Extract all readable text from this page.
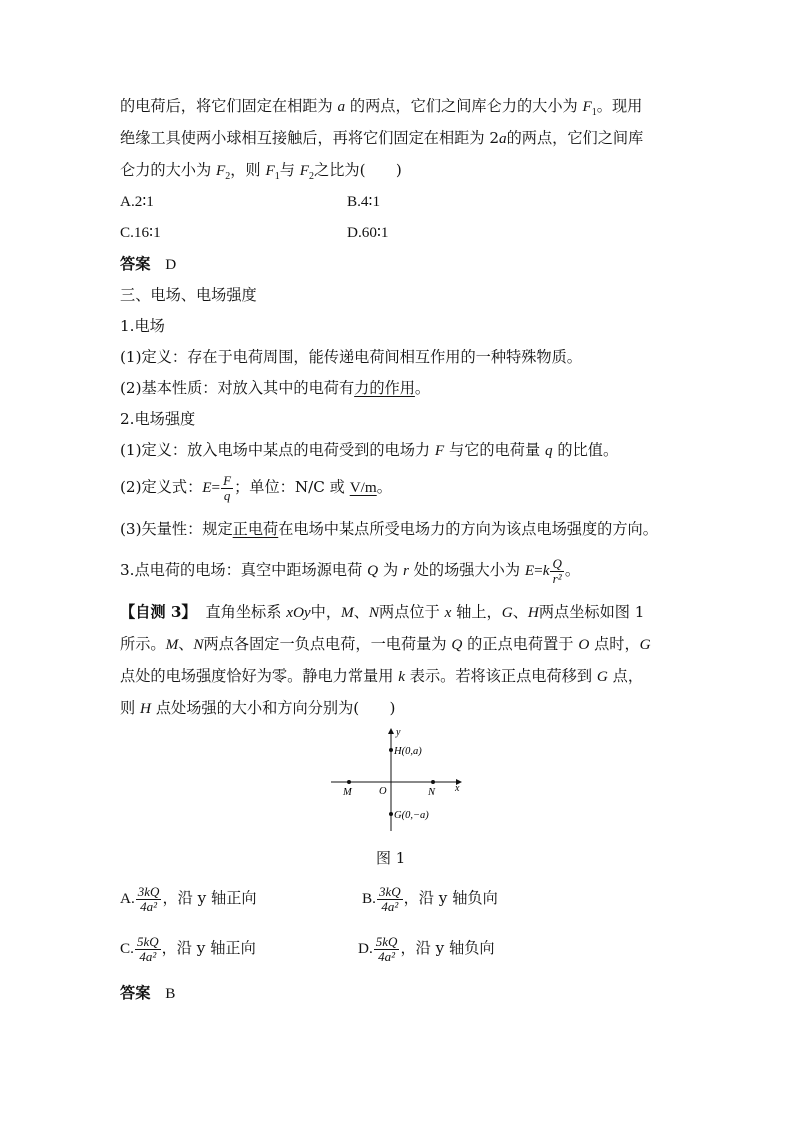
的电荷后，将它们固定在相距为 a 的两点，它们之间库仑力的大小为 $F_1$。现用
绝缘工具使两小球相互接触后，再将它们固定在相距为 2a的两点，它们之间库
仑力的大小为 $F_2$，则 $F_1$与 $F_2$之比为(　　)
A.2∶1	B.4∶1
C.16∶1	D.60∶1
答案 D
三、电场、电场强度
1.电场
(1)定义：存在于电荷周围，能传递电荷间相互作用的一种特殊物质。
(2)基本性质：对放入其中的电荷有力的作用。
2.电场强度
(1)定义：放入电场中某点的电荷受到的电场力 F 与它的电荷量 q 的比值。
(2)定义式：$E= \frac{F}{q}$ ；单位：N/C 或 V/m。
(3)矢量性：规定正电荷在电场中某点所受电场力的方向为该点电场强度的方向。
3.点电荷的电场：真空中距场源电荷 Q 为 r 处的场强大小为 $E=k \frac{Q}{\text{r²}}$ 。
【自测 3】 直角坐标系 xOy中，M、N两点位于 x 轴上，G、H两点坐标如图 1
所示。M、N两点各固定一负点电荷，一电荷量为 Q 的正点电荷置于 O 点时，G
点处的电场强度恰好为零。静电力常量用 k 表示。若将该正点电荷移到 G 点，
则 H 点处场强的大小和方向分别为(　　)
y
x
H(0,a)
M	N
O
G(0,−a)
图 1
A. $\frac{3kQ}{\text{4a²}}$ ，沿 y 轴正向	B. $\frac{3kQ}{\text{4a²}}$ ，沿 y 轴负向
C. $\frac{5kQ}{\text{4a²}}$ ，沿 y 轴正向	D. $\frac{5kQ}{\text{4a²}}$ ，沿 y 轴负向
答案 B
